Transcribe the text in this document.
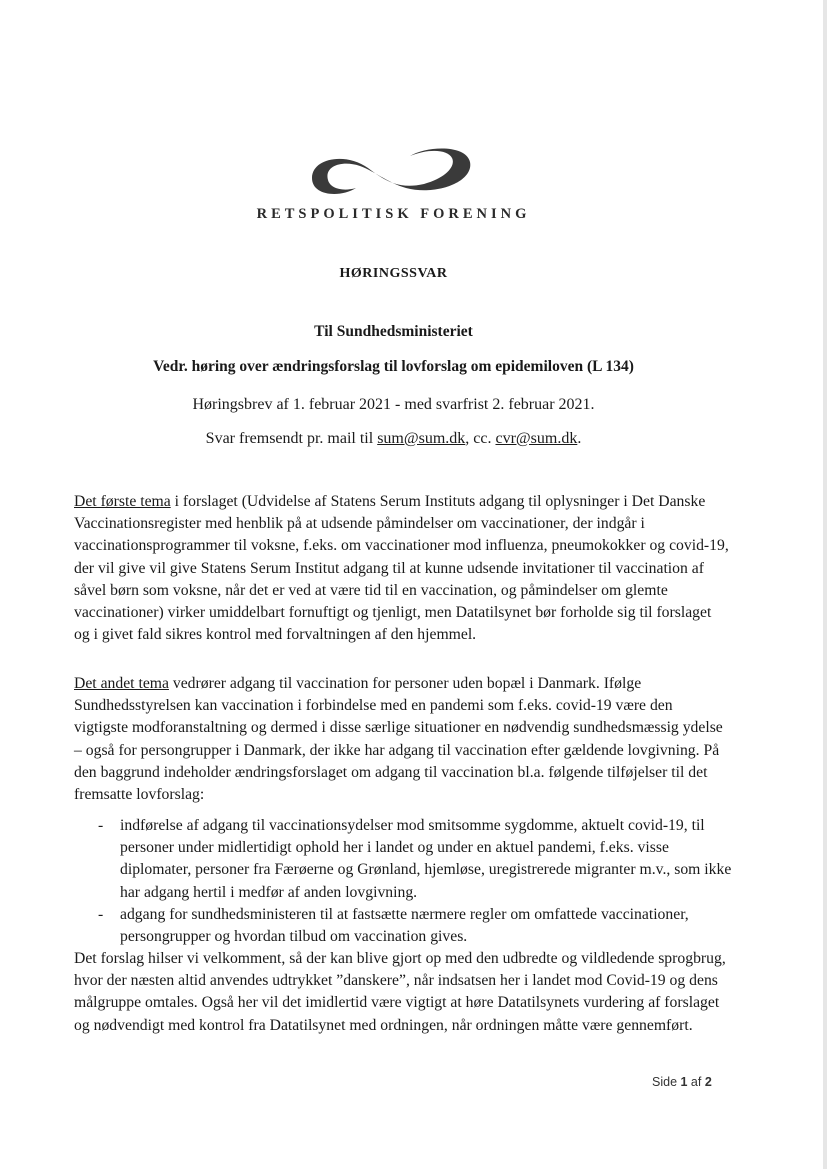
RETSPOLITISK FORENING
HØRINGSSVAR
Til Sundhedsministeriet
Vedr. høring over ændringsforslag til lovforslag om epidemiloven (L 134)
Høringsbrev af 1. februar 2021 - med svarfrist 2. februar 2021.
Svar fremsendt pr. mail til sum@sum.dk, cc. cvr@sum.dk.

Det første tema i forslaget (Udvidelse af Statens Serum Instituts adgang til oplysninger i Det Danske Vaccinationsregister med henblik på at udsende påmindelser om vaccinationer, der indgår i vaccinationsprogrammer til voksne, f.eks. om vaccinationer mod influenza, pneumokokker og covid-19, der vil give vil give Statens Serum Institut adgang til at kunne udsende invitationer til vaccination af såvel børn som voksne, når det er ved at være tid til en vaccination, og påmindelser om glemte vaccinationer) virker umiddelbart fornuftigt og tjenligt, men Datatilsynet bør forholde sig til forslaget og i givet fald sikres kontrol med forvaltningen af den hjemmel.

Det andet tema vedrører adgang til vaccination for personer uden bopæl i Danmark. Ifølge Sundhedsstyrelsen kan vaccination i forbindelse med en pandemi som f.eks. covid-19 være den vigtigste modforanstaltning og dermed i disse særlige situationer en nødvendig sundhedsmæssig ydelse – også for persongrupper i Danmark, der ikke har adgang til vaccination efter gældende lovgivning. På den baggrund indeholder ændringsforslaget om adgang til vaccination bl.a. følgende tilføjelser til det fremsatte lovforslag:

- indførelse af adgang til vaccinationsydelser mod smitsomme sygdomme, aktuelt covid-19, til personer under midlertidigt ophold her i landet og under en aktuel pandemi, f.eks. visse diplomater, personer fra Færøerne og Grønland, hjemløse, uregistrerede migranter m.v., som ikke har adgang hertil i medfør af anden lovgivning.
- adgang for sundhedsministeren til at fastsætte nærmere regler om omfattede vaccinationer, persongrupper og hvordan tilbud om vaccination gives.

Det forslag hilser vi velkomment, så der kan blive gjort op med den udbredte og vildledende sprogbrug, hvor der næsten altid anvendes udtrykket ”danskere”, når indsatsen her i landet mod Covid-19 og dens målgruppe omtales. Også her vil det imidlertid være vigtigt at høre Datatilsynets vurdering af forslaget og nødvendigt med kontrol fra Datatilsynet med ordningen, når ordningen måtte være gennemført.

Side 1 af 2
